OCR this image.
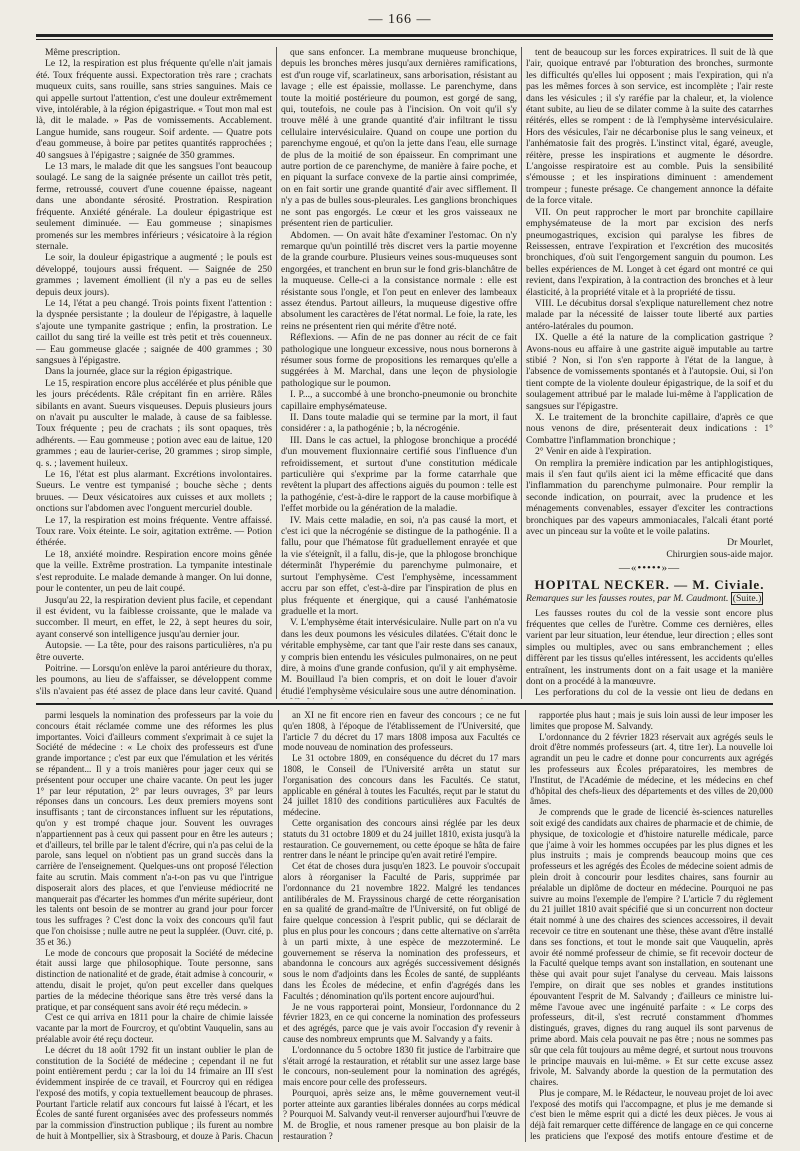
— 166 —

Même prescription.

Le 12, la respiration est plus fréquente qu'elle n'ait jamais été. Toux fréquente aussi. Expectoration très rare ; crachats muqueux cuits, sans rouille, sans stries sanguines. Mais ce qui appelle surtout l'attention, c'est une douleur extrêmement vive, intolérable, à la région épigastrique. « Tout mon mal est là, dit le malade. » Pas de vomissements. Accablement. Langue humide, sans rougeur. Soif ardente. — Quatre pots d'eau gommeuse, à boire par petites quantités rapprochées ; 40 sangsues à l'épigastre ; saignée de 350 grammes.

Le 13 mars, le malade dit que les sangsues l'ont beaucoup soulagé. Le sang de la saignée présente un caillot très petit, ferme, retroussé, couvert d'une couenne épaisse, nageant dans une abondante sérosité. Prostration. Respiration fréquente. Anxiété générale. La douleur épigastrique est seulement diminuée. — Eau gommeuse ; sinapismes promenés sur les membres inférieurs ; vésicatoire à la région sternale.

Le soir, la douleur épigastrique a augmenté ; le pouls est développé, toujours aussi fréquent. — Saignée de 250 grammes ; lavement émollient (il n'y a pas eu de selles depuis deux jours).

Le 14, l'état a peu changé. Trois points fixent l'attention : la dyspnée persistante ; la douleur de l'épigastre, à laquelle s'ajoute une tympanite gastrique ; enfin, la prostration. Le caillot du sang tiré la veille est très petit et très couenneux. — Eau gommeuse glacée ; saignée de 400 grammes ; 30 sangsues à l'épigastre.

Dans la journée, glace sur la région épigastrique.

Le 15, respiration encore plus accélérée et plus pénible que les jours précédents. Râle crépitant fin en arrière. Râles sibilants en avant. Sueurs visqueuses. Depuis plusieurs jours on n'avait pu ausculter le malade, à cause de sa faiblesse. Toux fréquente ; peu de crachats ; ils sont opaques, très adhérents. — Eau gommeuse ; potion avec eau de laitue, 120 grammes ; eau de laurier-cerise, 20 grammes ; sirop simple, q. s. ; lavement huileux.

Le 16, l'état est plus alarmant. Excrétions involontaires. Sueurs. Le ventre est tympanisé ; bouche sèche ; dents bruues. — Deux vésicatoires aux cuisses et aux mollets ; onctions sur l'abdomen avec l'onguent mercuriel double.

Le 17, la respiration est moins fréquente. Ventre affaissé. Toux rare. Voix éteinte. Le soir, agitation extrême. — Potion éthérée.

Le 18, anxiété moindre. Respiration encore moins gênée que la veille. Extrême prostration. La tympanite intestinale s'est reproduite. Le malade demande à manger. On lui donne, pour le contenter, un peu de lait coupé.

Jusqu'au 22, la respiration devient plus facile, et cependant il est évident, vu la faiblesse croissante, que le malade va succomber. Il meurt, en effet, le 22, à sept heures du soir, ayant conservé son intelligence jusqu'au dernier jour.

Autopsie. — La tête, pour des raisons particulières, n'a pu être ouverte.

Poitrine. — Lorsqu'on enlève la paroi antérieure du thorax, les poumons, au lieu de s'affaisser, se développent comme s'ils n'avaient pas été assez de place dans leur cavité. Quand

que sans enfoncer. La membrane muqueuse bronchique, depuis les bronches mères jusqu'aux dernières ramifications, est d'un rouge vif, scarlatineux, sans arborisation, résistant au lavage ; elle est épaissie, mollasse. Le parenchyme, dans toute la moitié postérieure du poumon, est gorgé de sang, qui, toutefois, ne coule pas à l'incision. On voit qu'il s'y trouve mêlé à une grande quantité d'air infiltrant le tissu cellulaire intervésiculaire. Quand on coupe une portion du parenchyme engoué, et qu'on la jette dans l'eau, elle surnage de plus de la moitié de son épaisseur. En comprimant une autre portion de ce parenchyme, de manière à faire poche, et en piquant la surface convexe de la partie ainsi comprimée, on en fait sortir une grande quantité d'air avec sifflement. Il n'y a pas de bulles sous-pleurales. Les ganglions bronchiques ne sont pas engorgés. Le cœur et les gros vaisseaux ne présentent rien de particulier.

Abdomen. — On avait hâte d'examiner l'estomac. On n'y remarque qu'un pointillé très discret vers la partie moyenne de la grande courbure. Plusieurs veines sous-muqueuses sont engorgées, et tranchent en brun sur le fond gris-blanchâtre de la muqueuse. Celle-ci a la consistance normale : elle est résistante sous l'ongle, et l'on peut en enlever des lambeaux assez étendus. Partout ailleurs, la muqueuse digestive offre absolument les caractères de l'état normal. Le foie, la rate, les reins ne présentent rien qui mérite d'être noté.

Réflexions. — Afin de ne pas donner au récit de ce fait pathologique une longueur excessive, nous nous bornerons à résumer sous forme de propositions les remarques qu'elle a suggérées à M. Marchal, dans une leçon de physiologie pathologique sur le poumon.

I. P..., a succombé à une broncho-pneumonie ou bronchite capillaire emphysémateuse.

II. Dans toute maladie qui se termine par la mort, il faut considérer : a, la pathogénie ; b, la nécrogénie.

III. Dans le cas actuel, la phlogose bronchique a procédé d'un mouvement fluxionnaire certifié sous l'influence d'un refroidissement, et surtout d'une constitution médicale particulière qui s'exprime par la forme catarrhale que revêtent la plupart des affections aiguës du poumon : telle est la pathogénie, c'est-à-dire le rapport de la cause morbifique à l'effet morbide ou la génération de la maladie.

IV. Mais cette maladie, en soi, n'a pas causé la mort, et c'est ici que la nécrogénie se distingue de la pathogénie. Il a fallu, pour que l'hématose fût graduellement enrayée et que la vie s'éteignît, il a fallu, dis-je, que la phlogose bronchique déterminât l'hyperémie du parenchyme pulmonaire, et surtout l'emphysème. C'est l'emphysème, incessamment accru par son effet, c'est-à-dire par l'inspiration de plus en plus fréquente et énergique, qui a causé l'anhématosie graduelle et la mort.

V. L'emphysème était intervésiculaire. Nulle part on n'a vu dans les deux poumons les vésicules dilatées. C'était donc le véritable emphysème, car tant que l'air reste dans ses canaux, y compris bien entendu les vésicules pulmonaires, on ne peut dire, à moins d'une grande confusion, qu'il y ait emphysème. M. Bouillaud l'a bien compris, et on doit le louer d'avoir étudié l'emphysème vésiculaire sous une autre dénomination.

tent de beaucoup sur les forces expiratrices. Il suit de là que l'air, quoique entravé par l'obturation des bronches, surmonte les difficultés qu'elles lui opposent ; mais l'expiration, qui n'a pas les mêmes forces à son service, est incomplète ; l'air reste dans les vésicules ; il s'y raréfie par la chaleur, et, la violence étant subite, au lieu de se dilater comme à la suite des catarrhes réitérés, elles se rompent : de là l'emphysème intervésiculaire. Hors des vésicules, l'air ne décarbonise plus le sang veineux, et l'anhématosie fait des progrès. L'instinct vital, égaré, aveugle, réitère, presse les inspirations et augmente le désordre. L'angoisse respiratoire est au comble. Puis la sensibilité s'émousse ; et les inspirations diminuent : amendement trompeur ; funeste présage. Ce changement annonce la défaite de la force vitale.

VII. On peut rapprocher le mort par bronchite capillaire emphysémateuse de la mort par excision des nerfs pneumogastriques, excision qui paralyse les fibres de Reissessen, entrave l'expiration et l'excrétion des mucosités bronchiques, d'où suit l'engorgement sanguin du poumon. Les belles expériences de M. Longet à cet égard ont montré ce qui revient, dans l'expiration, à la contraction des bronches et à leur élasticité, à la propriété vitale et à la propriété de tissu.

VIII. Le décubitus dorsal s'explique naturellement chez notre malade par la nécessité de laisser toute liberté aux parties antéro-latérales du poumon.

IX. Quelle a été la nature de la complication gastrique ? Avons-nous eu affaire à une gastrite aiguë imputable au tartre stibié ? Non, si l'on s'en rapporte à l'état de la langue, à l'absence de vomissements spontanés et à l'autopsie. Oui, si l'on tient compte de la violente douleur épigastrique, de la soif et du soulagement attribué par le malade lui-même à l'application de sangsues sur l'épigastre.

X. Le traitement de la bronchite capillaire, d'après ce que nous venons de dire, présenterait deux indications : 1° Combattre l'inflammation bronchique ;

2° Venir en aide à l'expiration.

On remplira la première indication par les antiphlogistiques, mais il s'en faut qu'ils aient ici la même efficacité que dans l'inflammation du parenchyme pulmonaire. Pour remplir la seconde indication, on pourrait, avec la prudence et les ménagements convenables, essayer d'exciter les contractions bronchiques par des vapeurs ammoniacales, l'alcali étant porté avec un pinceau sur la voûte et le voile palatins.

Dr Mourlet,

Chirurgien sous-aide major.

—«•••••»—
HOPITAL NECKER. — M. Civiale.

Remarques sur les fausses routes, par M. Caudmont. (Suite.)

Les fausses routes du col de la vessie sont encore plus fréquentes que celles de l'urètre. Comme ces dernières, elles varient par leur situation, leur étendue, leur direction ; elles sont simples ou multiples, avec ou sans embranchement ; elles diffèrent par les tissus qu'elles intéressent, les accidents qu'elles entraînent, les instruments dont on a fait usage et la manière dont on a procédé à la manœuvre.

Les perforations du col de la vessie ont lieu de dedans en

parmi lesquels la nomination des professeurs par la voie du concours était réclamée comme une des réformes les plus importantes. Voici d'ailleurs comment s'exprimait à ce sujet la Société de médecine : « Le choix des professeurs est d'une grande importance ; c'est par eux que l'émulation et les vérités se répandent... Il y a trois manières pour jager ceux qui se présentent pour occuper une chaire vacante. On peut les juger 1° par leur réputation, 2° par leurs ouvrages, 3° par leurs réponses dans un concours. Les deux premiers moyens sont insuffisants ; tant de circonstances influent sur les réputations, qu'on y est trompé chaque jour. Souvent les ouvrages n'appartiennent pas à ceux qui passent pour en être les auteurs ; et d'ailleurs, tel brille par le talent d'écrire, qui n'a pas celui de la parole, sans lequel on n'obtient pas un grand succès dans la carrière de l'enseignement. Quelques-uns ont proposé l'élection faite au scrutin. Mais comment n'a-t-on pas vu que l'intrigue disposerait alors des places, et que l'envieuse médiocrité ne manquerait pas d'écarter les hommes d'un mérite supérieur, dont les talents ont besoin de se montrer au grand jour pour forcer tous les suffrages ? C'est donc la voix des concours qu'il faut que l'on choisisse ; nulle autre ne peut la suppléer. (Ouvr. cité, p. 35 et 36.)

Le mode de concours que proposait la Société de médecine était aussi large que philosophique. Toute personne, sans distinction de nationalité et de grade, était admise à concourir, « attendu, disait le projet, qu'on peut exceller dans quelques parties de la médecine théorique sans être très versé dans la pratique, et par conséquent sans avoir été reçu médecin. »

C'est ce qui arriva en 1811 pour la chaire de chimie laissée vacante par la mort de Fourcroy, et qu'obtint Vauquelin, sans au préalable avoir été reçu docteur.

Le décret du 18 août 1792 fit un instant oublier le plan de constitution de la Société de médecine ; cependant il ne fut point entièrement perdu ; car la loi du 14 frimaire an III s'est évidemment inspirée de ce travail, et Fourcroy qui en rédigea l'exposé des motifs, y copia textuellement beaucoup de phrases. Pourtant l'article relatif aux concours fut laissé à l'écart, et les Écoles de santé furent organisées avec des professeurs nommés par la commission d'instruction publique ; ils furent au nombre de huit à Montpellier, six à Strasbourg, et douze à Paris. Chacun

an XI ne fit encore rien en faveur des concours ; ce ne fut qu'en 1808, à l'époque de l'établissement de l'Université, que l'article 7 du décret du 17 mars 1808 imposa aux Facultés ce mode nouveau de nomination des professeurs.

Le 31 octobre 1809, en conséquence du décret du 17 mars 1808, le Conseil de l'Université arrêta un statut sur l'organisation des concours dans les Facultés. Ce statut, applicable en général à toutes les Facultés, reçut par le statut du 24 juillet 1810 des conditions particulières aux Facultés de médecine.

Cette organisation des concours ainsi réglée par les deux statuts du 31 octobre 1809 et du 24 juillet 1810, exista jusqu'à la restauration. Ce gouvernement, ou cette époque se hâta de faire rentrer dans le néant le principe qu'en avait retiré l'empire.

Cet état de choses dura jusqu'en 1823. Le pouvoir s'occupait alors à réorganiser la Faculté de Paris, supprimée par l'ordonnance du 21 novembre 1822. Malgré les tendances antilibérales de M. Frayssinous chargé de cette réorganisation en sa qualité de grand-maître de l'Université, on fut obligé de faire quelque concession à l'esprit public, qui se déclarait de plus en plus pour les concours ; dans cette alternative on s'arrêta à un parti mixte, à une espèce de mezzoterminé. Le gouvernement se réserva la nomination des professeurs, et abandonna le concours aux agrégés successivement désignés sous le nom d'adjoints dans les Écoles de santé, de suppléants dans les Écoles de médecine, et enfin d'agrégés dans les Facultés ; dénomination qu'ils portent encore aujourd'hui.

Je ne vous rapporterai point, Monsieur, l'ordonnance du 2 février 1823, en ce qui concerne la nomination des professeurs et des agrégés, parce que je vais avoir l'occasion d'y revenir à cause des nombreux emprunts que M. Salvandy y a faits.

L'ordonnance du 5 octobre 1830 fit justice de l'arbitraire que s'était arrogé la restauration, et rétablit sur une assez large base le concours, non-seulement pour la nomination des agrégés, mais encore pour celle des professeurs.

Pourquoi, après seize ans, le même gouvernement veut-il porter atteinte aux garanties libérales données au corps médical ? Pourquoi M. Salvandy veut-il renverser aujourd'hui l'œuvre de M. de Broglie, et nous ramener presque au bon plaisir de la restauration ?

rapportée plus haut ; mais je suis loin aussi de leur imposer les limites que propose M. Salvandy.

L'ordonnance du 2 février 1823 réservait aux agrégés seuls le droit d'être nommés professeurs (art. 4, titre 1er). La nouvelle loi agrandit un peu le cadre et donne pour concurrents aux agrégés les professeurs aux Écoles préparatoires, les membres de l'Institut, de l'Académie de médecine, et les médecins en chef d'hôpital des chefs-lieux des départements et des villes de 20,000 âmes.

Je comprends que le grade de licencié ès-sciences naturelles soit exigé des candidats aux chaires de pharmacie et de chimie, de physique, de toxicologie et d'histoire naturelle médicale, parce que j'aime à voir les hommes occupées par les plus dignes et les plus instruits ; mais je comprends beaucoup moins que ces professeurs et les agrégés des Écoles de médecine soient admis de plein droit à concourir pour lesdites chaires, sans fournir au préalable un diplôme de docteur en médecine. Pourquoi ne pas suivre au moins l'exemple de l'empire ? L'article 7 du règlement du 21 juillet 1810 avait spécifié que si un concurrent non docteur était nommé à une des chaires des sciences accessoires, il devait recevoir ce titre en soutenant une thèse, thèse avant d'être installé dans ses fonctions, et tout le monde sait que Vauquelin, après avoir été nommé professeur de chimie, se fit recevoir docteur de la Faculté quelque temps avant son installation, en soutenant une thèse qui avait pour sujet l'analyse du cerveau. Mais laissons l'empire, on dirait que ses nobles et grandes institutions épouvantent l'esprit de M. Salvandy ; d'ailleurs ce ministre lui-même l'avoue avec une ingénuité parfaite : « Le corps des professeurs, dit-il, s'est recruté constamment d'hommes distingués, graves, dignes du rang auquel ils sont parvenus de prime abord. Mais cela pouvait ne pas être ; nous ne sommes pas sûr que cela fût toujours au même degré, et surtout nous trouvons le principe mauvais en lui-même. » Et sur cette excuse assez frivole, M. Salvandy aborde la question de la permutation des chaires.

Plus je compare, M. le Rédacteur, le nouveau projet de loi avec l'exposé des motifs qui l'accompagne, et plus je me demande si c'est bien le même esprit qui a dicté les deux pièces. Je vous ai déjà fait remarquer cette différence de langage en ce qui concerne les praticiens que l'exposé des motifs entoure d'estime et de
